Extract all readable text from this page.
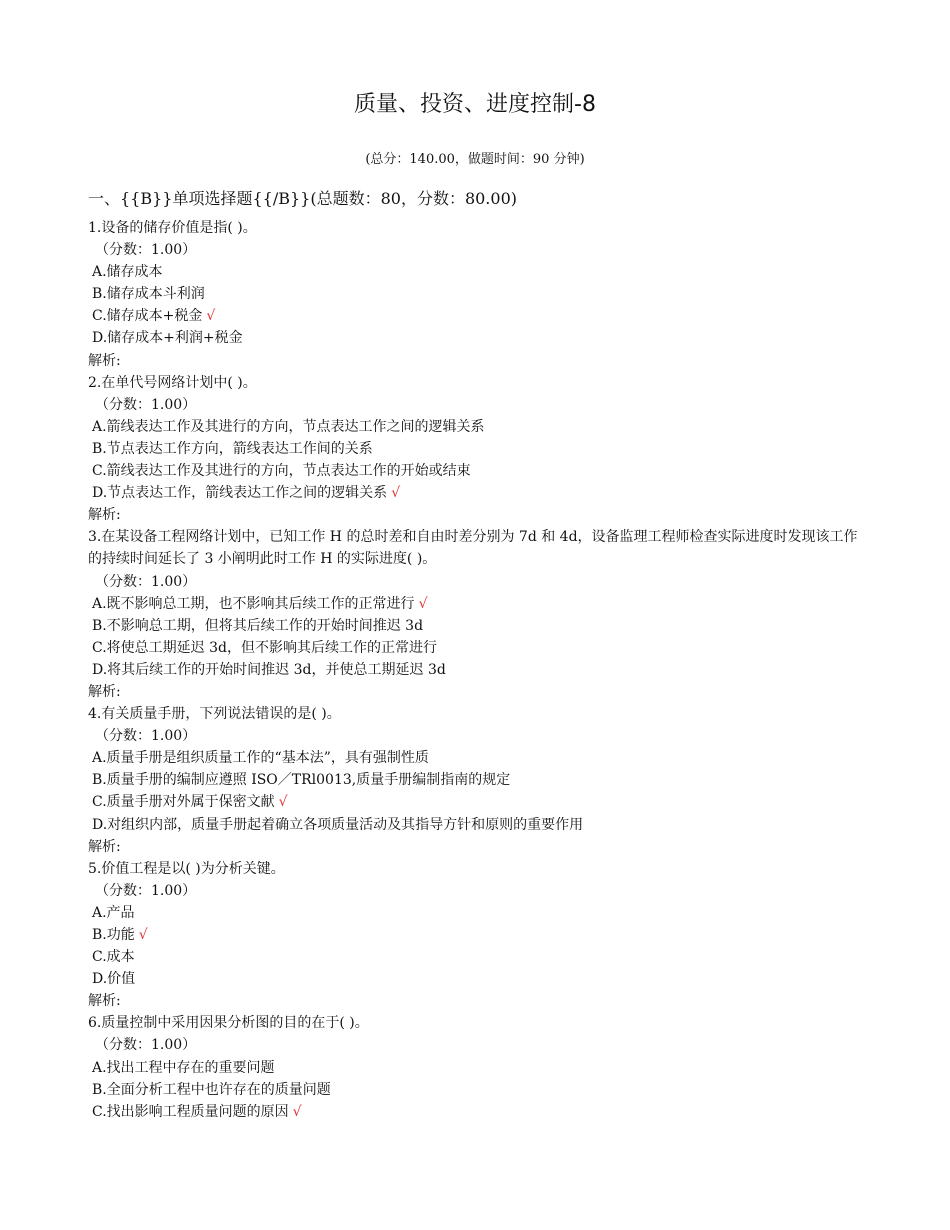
质量、投资、进度控制-8
(总分：140.00，做题时间：90 分钟)
一、{{B}}单项选择题{{/B}}(总题数：80，分数：80.00)
1.设备的储存价值是指( )。
（分数：1.00）
A.储存成本
B.储存成本斗利润
C.储存成本+税金 √
D.储存成本+利润+税金
解析:
2.在单代号网络计划中( )。
（分数：1.00）
A.箭线表达工作及其进行的方向，节点表达工作之间的逻辑关系
B.节点表达工作方向，箭线表达工作间的关系
C.箭线表达工作及其进行的方向，节点表达工作的开始或结束
D.节点表达工作，箭线表达工作之间的逻辑关系 √
解析:
3.在某设备工程网络计划中，已知工作 H 的总时差和自由时差分别为 7d 和 4d，设备监理工程师检查实际进度时发现该工作的持续时间延长了 3 小阐明此时工作 H 的实际进度( )。
（分数：1.00）
A.既不影响总工期，也不影响其后续工作的正常进行 √
B.不影响总工期，但将其后续工作的开始时间推迟 3d
C.将使总工期延迟 3d，但不影响其后续工作的正常进行
D.将其后续工作的开始时间推迟 3d，并使总工期延迟 3d
解析:
4.有关质量手册，下列说法错误的是( )。
（分数：1.00）
A.质量手册是组织质量工作的“基本法”，具有强制性质
B.质量手册的编制应遵照 ISO／TRl0013,质量手册编制指南的规定
C.质量手册对外属于保密文献 √
D.对组织内部，质量手册起着确立各项质量活动及其指导方针和原则的重要作用
解析:
5.价值工程是以( )为分析关键。
（分数：1.00）
A.产品
B.功能 √
C.成本
D.价值
解析:
6.质量控制中采用因果分析图的目的在于( )。
（分数：1.00）
A.找出工程中存在的重要问题
B.全面分析工程中也许存在的质量问题
C.找出影响工程质量问题的原因 √
